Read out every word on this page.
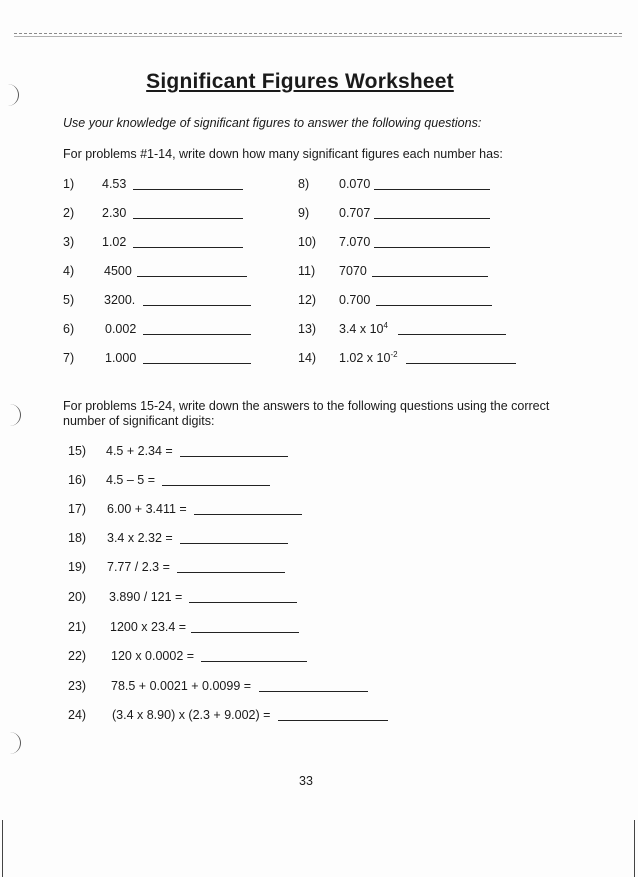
Significant Figures Worksheet
Use your knowledge of significant figures to answer the following questions:
For problems #1-14, write down how many significant figures each number has:
1) 4.53
2) 2.30
3) 1.02
4) 4500
5) 3200.
6) 0.002
7) 1.000
8) 0.070
9) 0.707
10) 7.070
11) 7070
12) 0.700
13) 3.4 x $10^4$
14) 1.02 x $10^{-2}$
For problems 15-24, write down the answers to the following questions using the correct number of significant digits:
15) 4.5 + 2.34 =
16) 4.5 – 5 =
17) 6.00 + 3.411 =
18) 3.4 x 2.32 =
19) 7.77 / 2.3 =
20) 3.890 / 121 =
21) 1200 x 23.4 =
22) 120 x 0.0002 =
23) 78.5 + 0.0021 + 0.0099 =
24) (3.4 x 8.90) x (2.3 + 9.002) =
33
